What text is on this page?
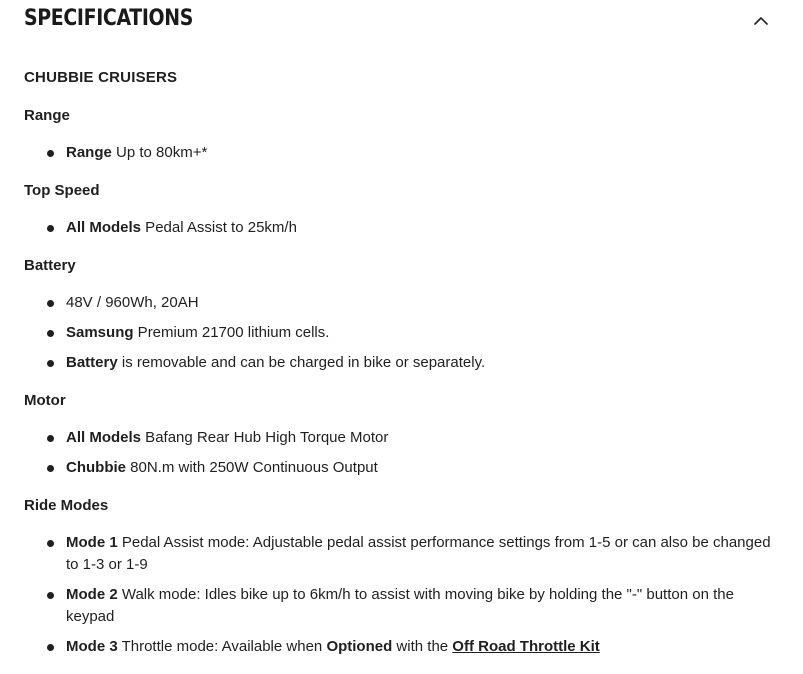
SPECIFICATIONS
CHUBBIE CRUISERS
Range
Range Up to 80km+*
Top Speed
All Models Pedal Assist to 25km/h
Battery
48V / 960Wh, 20AH
Samsung Premium 21700 lithium cells.
Battery is removable and can be charged in bike or separately.
Motor
All Models Bafang Rear Hub High Torque Motor
Chubbie 80N.m with 250W Continuous Output
Ride Modes
Mode 1 Pedal Assist mode: Adjustable pedal assist performance settings from 1-5 or can also be changed to 1-3 or 1-9
Mode 2 Walk mode: Idles bike up to 6km/h to assist with moving bike by holding the "-" button on the keypad
Mode 3 Throttle mode: Available when Optioned with the Off Road Throttle Kit
